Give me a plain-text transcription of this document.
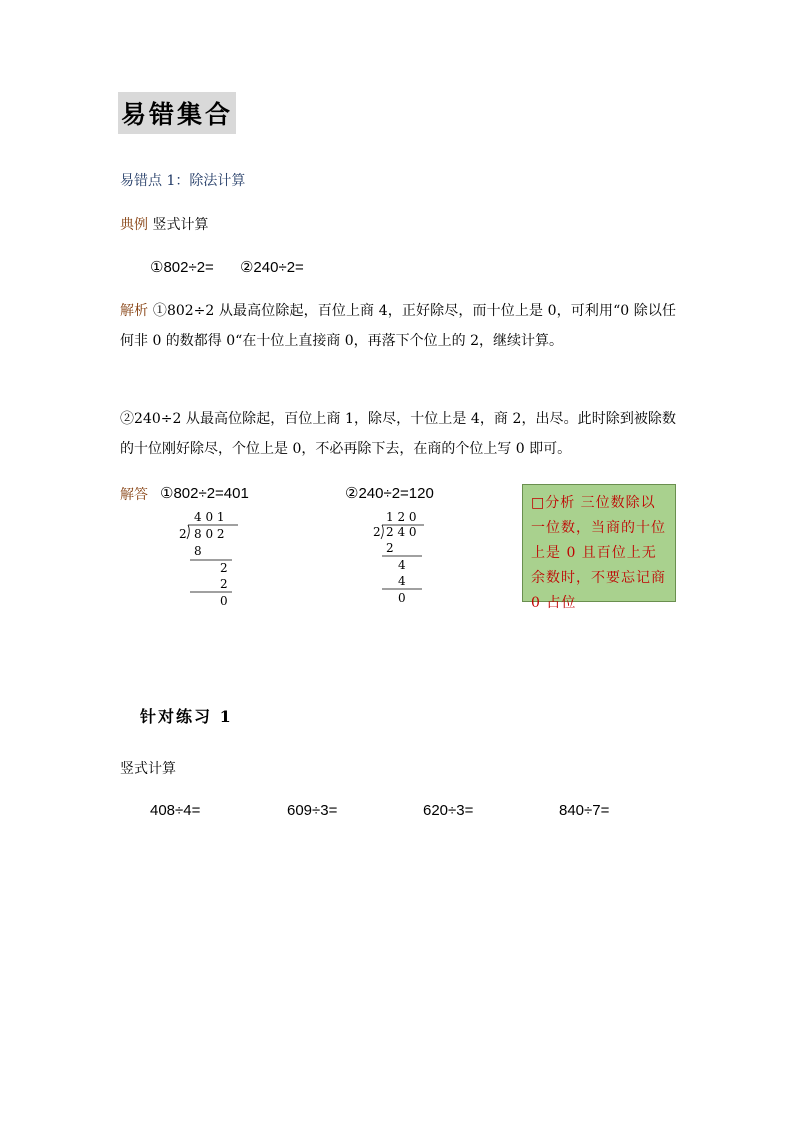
易错集合
易错点 1：除法计算
典例 竖式计算
①802÷2= ②240÷2=
解析 ①802÷2 从最高位除起，百位上商 4，正好除尽，而十位上是 0，可利用“0 除以任何非 0 的数都得 0“在十位上直接商 0，再落下个位上的 2，继续计算。
②240÷2 从最高位除起，百位上商 1，除尽，十位上是 4，商 2，出尽。此时除到被除数的十位刚好除尽，个位上是 0，不必再除下去，在商的个位上写 0 即可。
解答 ①802÷2=401	②240÷2=120
4 0 1
2 8 0 2
8
2
2
0
1 2 0
2 2 4 0
2
4
4
0
□分析 三位数除以一位数，当商的十位上是 0 且百位上无余数时，不要忘记商 0 占位
针对练习 1
竖式计算
408÷4=	609÷3=	620÷3=	840÷7=
